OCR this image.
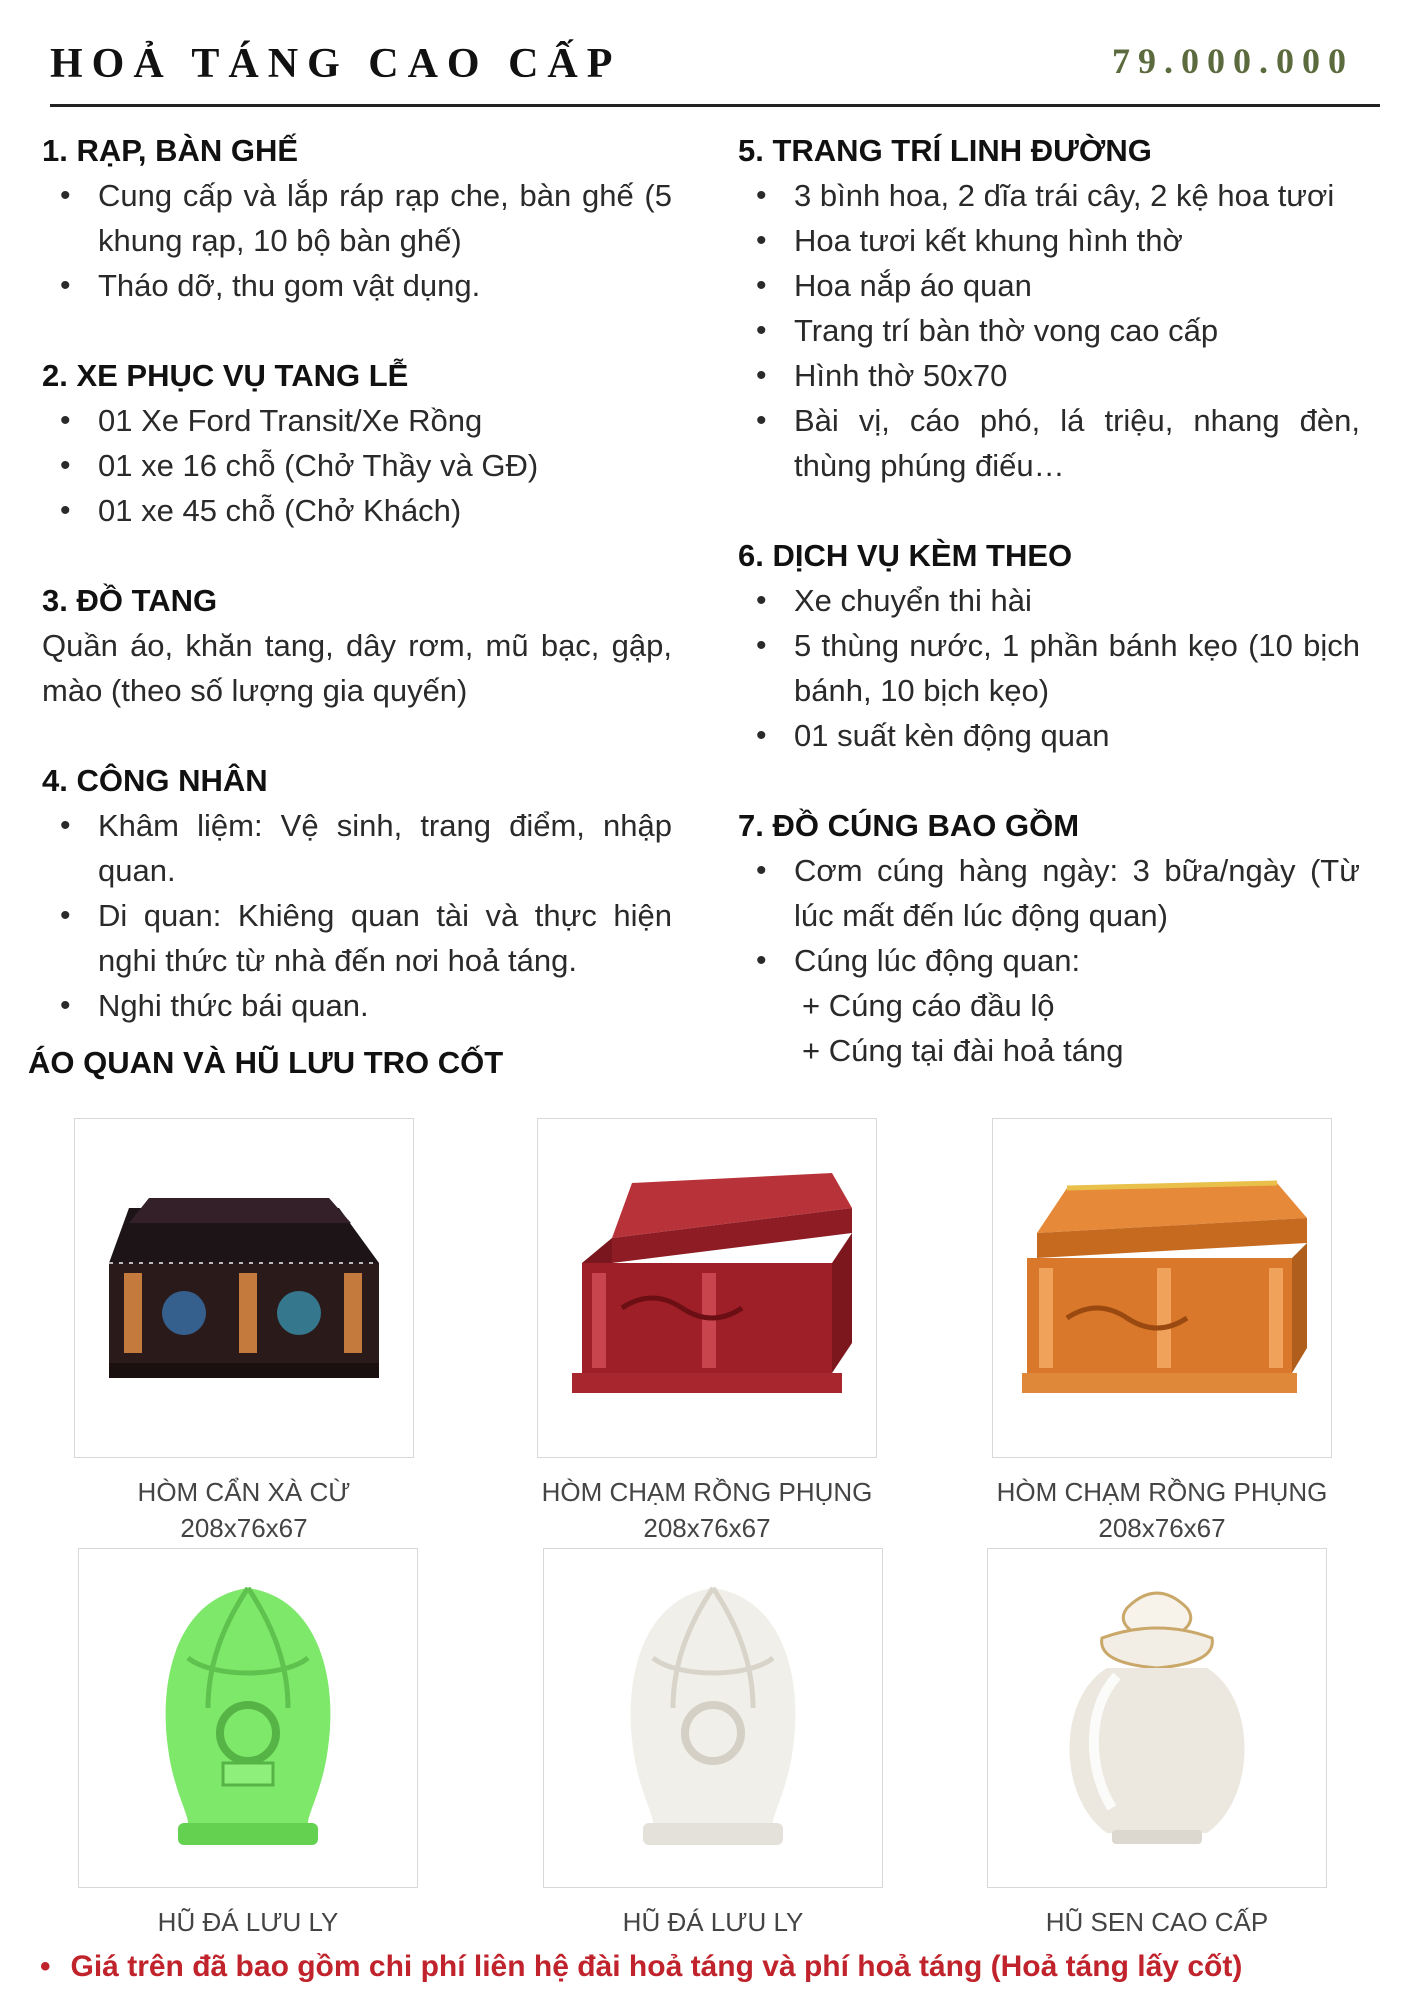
HOẢ TÁNG CAO CẤP	79.000.000
1. RẠP, BÀN GHẾ
• Cung cấp và lắp ráp rạp che, bàn ghế (5 khung rạp, 10 bộ bàn ghế)
• Tháo dỡ, thu gom vật dụng.
2. XE PHỤC VỤ TANG LỄ
• 01 Xe Ford Transit/Xe Rồng
• 01 xe 16 chỗ (Chở Thầy và GĐ)
• 01 xe 45 chỗ (Chở Khách)
3. ĐỒ TANG
Quần áo, khăn tang, dây rơm, mũ bạc, gập, mào (theo số lượng gia quyến)
4. CÔNG NHÂN
• Khâm liệm: Vệ sinh, trang điểm, nhập quan.
• Di quan: Khiêng quan tài và thực hiện nghi thức từ nhà đến nơi hoả táng.
• Nghi thức bái quan.
5. TRANG TRÍ LINH ĐƯỜNG
• 3 bình hoa, 2 dĩa trái cây, 2 kệ hoa tươi
• Hoa tươi kết khung hình thờ
• Hoa nắp áo quan
• Trang trí bàn thờ vong cao cấp
• Hình thờ 50x70
• Bài vị, cáo phó, lá triệu, nhang đèn, thùng phúng điếu…
6. DỊCH VỤ KÈM THEO
• Xe chuyển thi hài
• 5 thùng nước, 1 phần bánh kẹo (10 bịch bánh, 10 bịch kẹo)
• 01 suất kèn động quan
7. ĐỒ CÚNG BAO GỒM
• Cơm cúng hàng ngày: 3 bữa/ngày (Từ lúc mất đến lúc động quan)
• Cúng lúc động quan:
+ Cúng cáo đầu lộ
+ Cúng tại đài hoả táng
ÁO QUAN VÀ HŨ LƯU TRO CỐT
HÒM CẨN XÀ CỪ
208x76x67
HÒM CHẠM RỒNG PHỤNG
208x76x67
HÒM CHẠM RỒNG PHỤNG
208x76x67
HŨ ĐÁ LƯU LY	HŨ ĐÁ LƯU LY	HŨ SEN CAO CẤP
• Giá trên đã bao gồm chi phí liên hệ đài hoả táng và phí hoả táng (Hoả táng lấy cốt)
